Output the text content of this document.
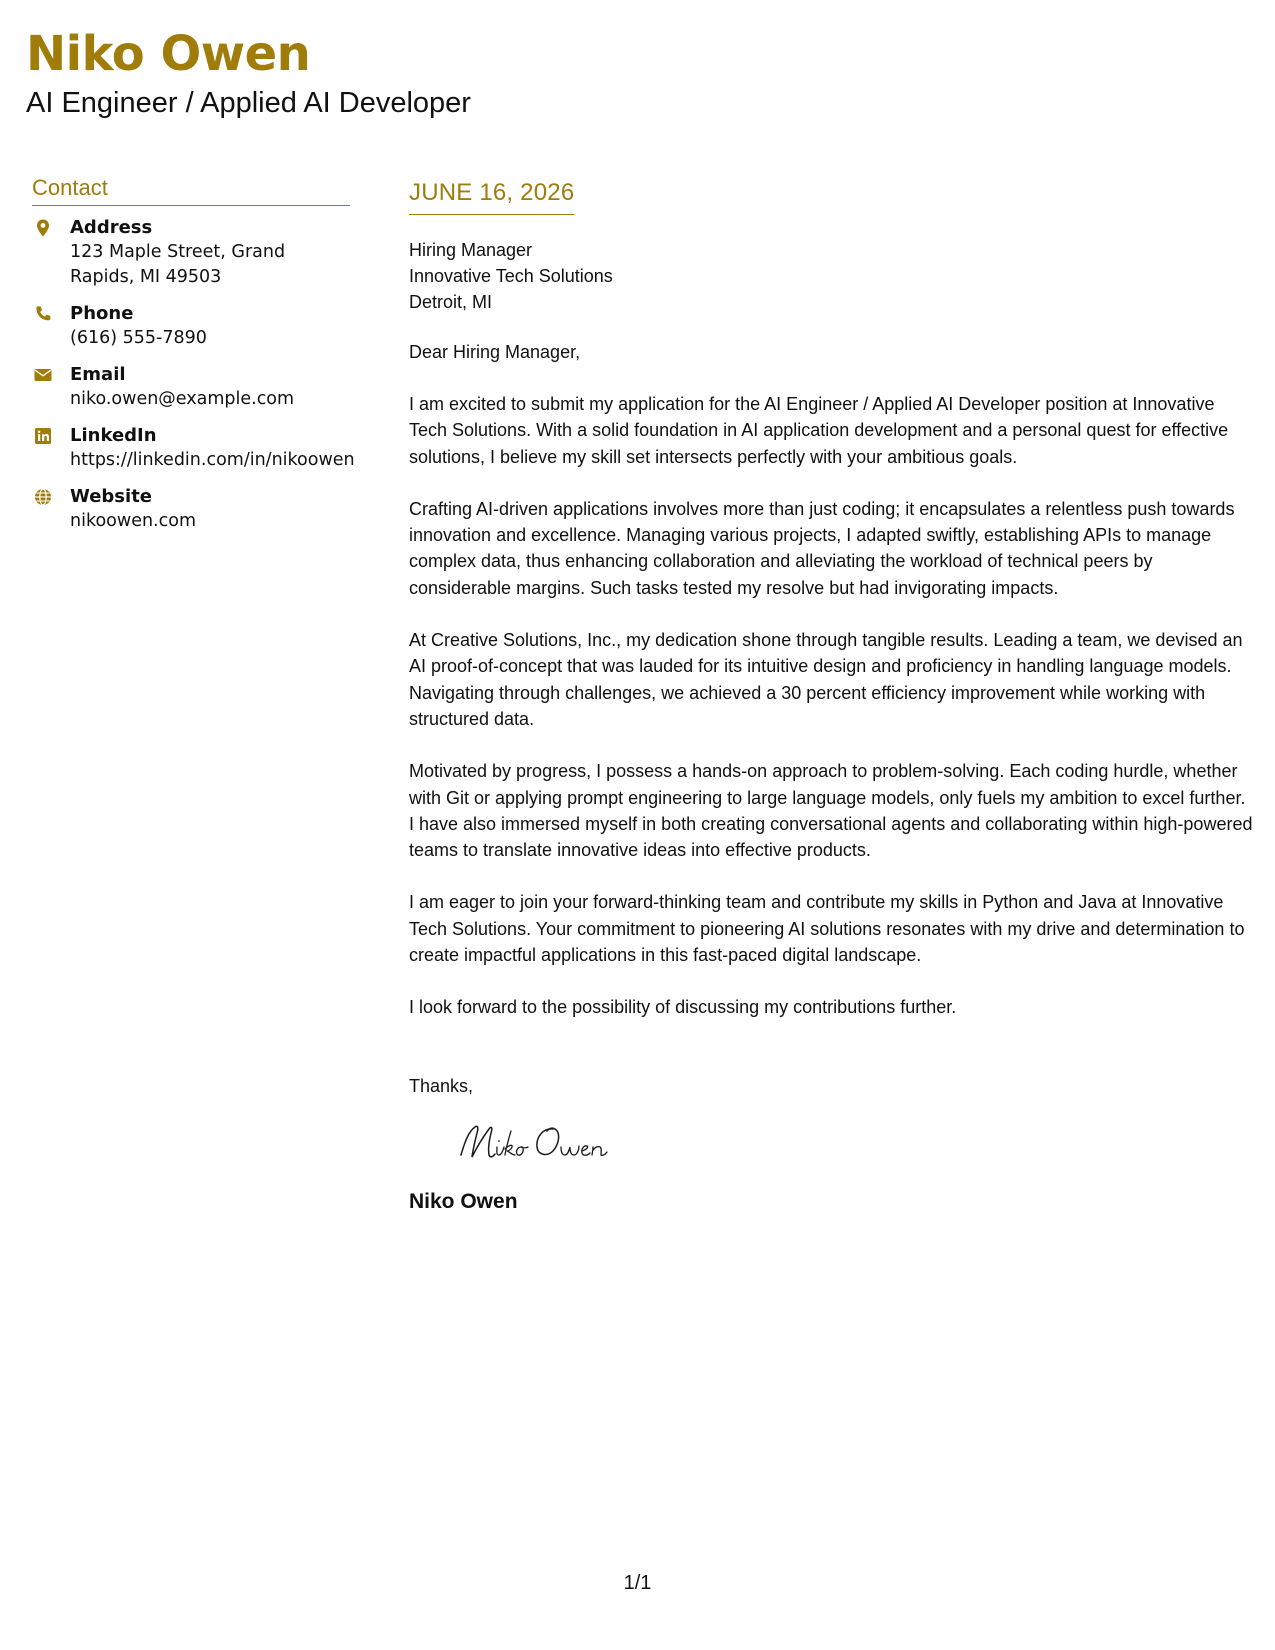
Niko Owen
AI Engineer / Applied AI Developer
Contact
Address
123 Maple Street, Grand Rapids, MI 49503
Phone
(616) 555-7890
Email
niko.owen@example.com
LinkedIn
https://linkedin.com/in/nikoowen
Website
nikoowen.com
JUNE 16, 2026
Hiring Manager
Innovative Tech Solutions
Detroit, MI
Dear Hiring Manager,
I am excited to submit my application for the AI Engineer / Applied AI Developer position at Innovative Tech Solutions. With a solid foundation in AI application development and a personal quest for effective solutions, I believe my skill set intersects perfectly with your ambitious goals.
Crafting AI-driven applications involves more than just coding; it encapsulates a relentless push towards innovation and excellence. Managing various projects, I adapted swiftly, establishing APIs to manage complex data, thus enhancing collaboration and alleviating the workload of technical peers by considerable margins. Such tasks tested my resolve but had invigorating impacts.
At Creative Solutions, Inc., my dedication shone through tangible results. Leading a team, we devised an AI proof-of-concept that was lauded for its intuitive design and proficiency in handling language models. Navigating through challenges, we achieved a 30 percent efficiency improvement while working with structured data.
Motivated by progress, I possess a hands-on approach to problem-solving. Each coding hurdle, whether with Git or applying prompt engineering to large language models, only fuels my ambition to excel further. I have also immersed myself in both creating conversational agents and collaborating within high-powered teams to translate innovative ideas into effective products.
I am eager to join your forward-thinking team and contribute my skills in Python and Java at Innovative Tech Solutions. Your commitment to pioneering AI solutions resonates with my drive and determination to create impactful applications in this fast-paced digital landscape.
I look forward to the possibility of discussing my contributions further.
Thanks,
Niko Owen
1/1
